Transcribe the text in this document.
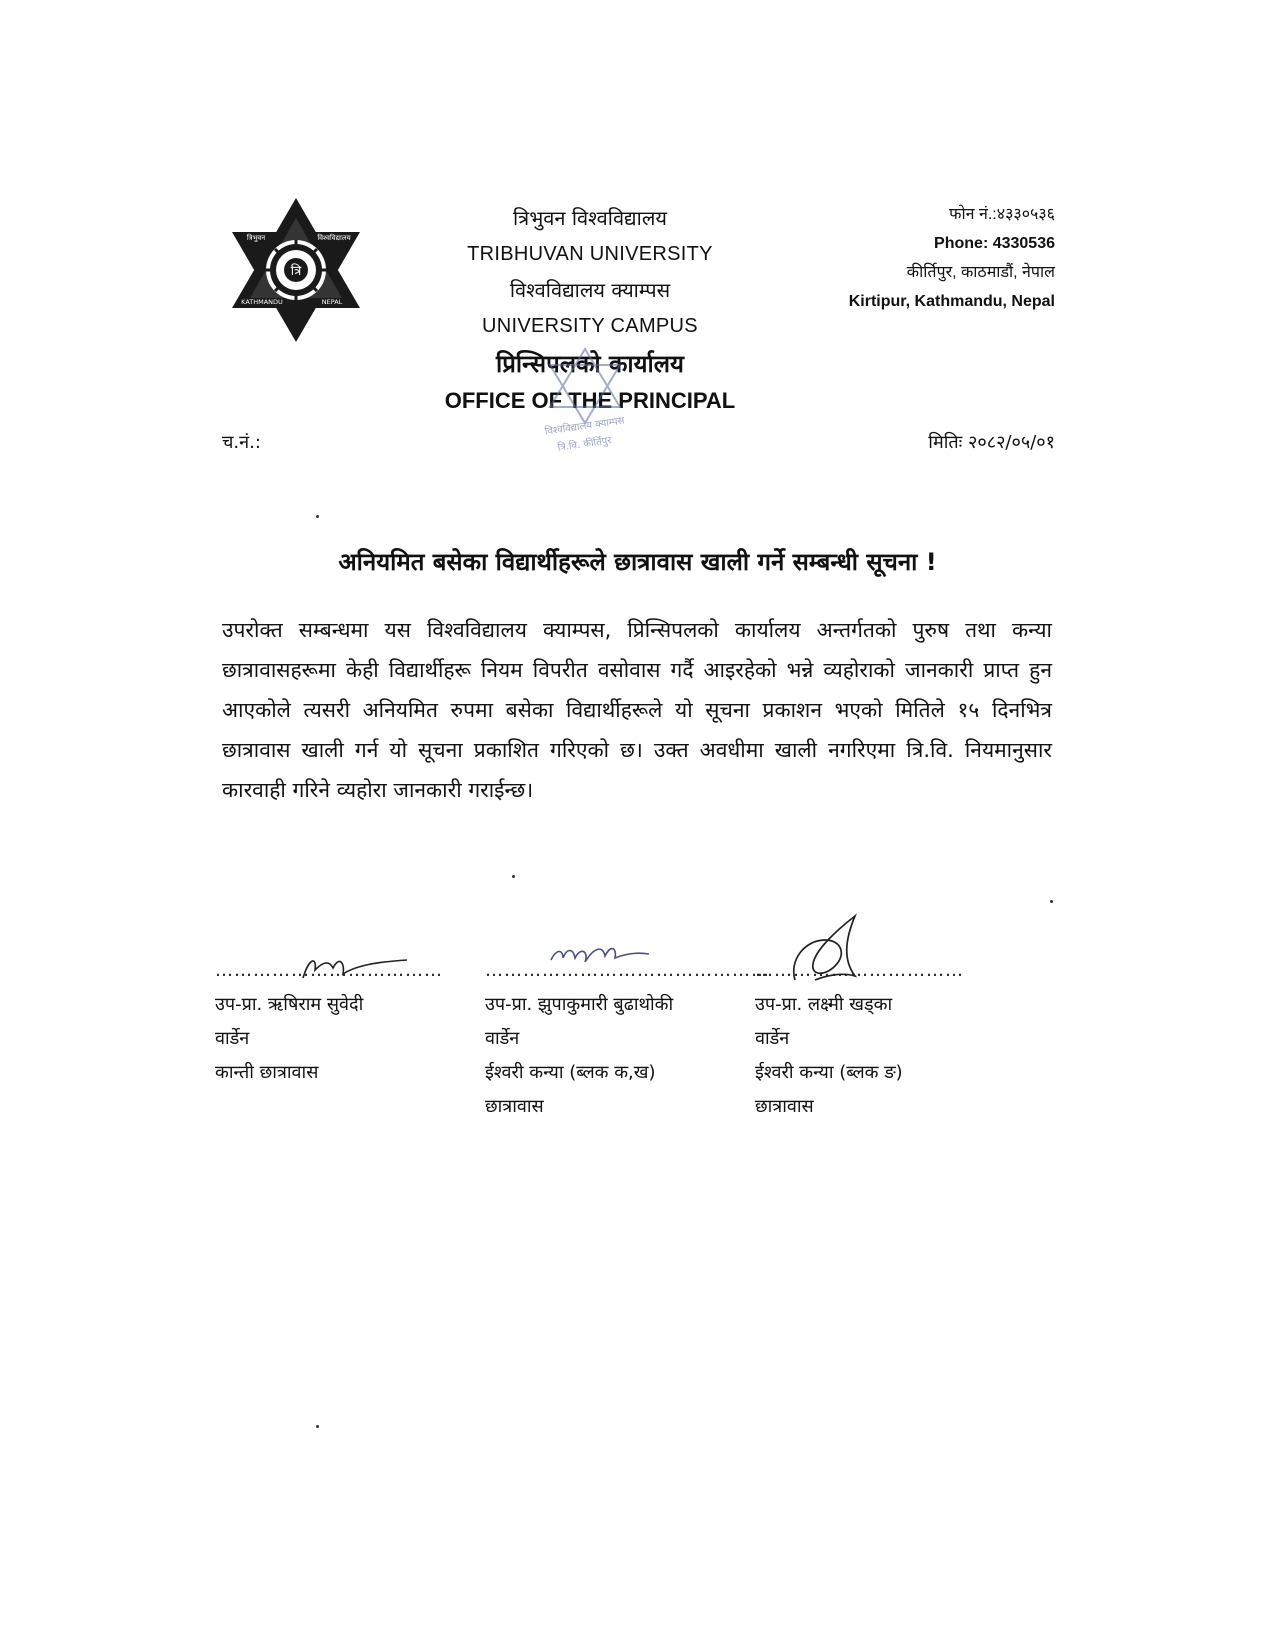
त्रि
त्रिभुवन	विश्वविद्यालय
KATHMANDU	NEPAL
त्रिभुवन विश्वविद्यालय
TRIBHUVAN UNIVERSITY
विश्वविद्यालय क्याम्पस
UNIVERSITY CAMPUS
प्रिन्सिपलको कार्यालय
OFFICE OF THE PRINCIPAL
विश्वविद्यालय क्याम्पस
त्रि.वि. कीर्तिपुर
फोन नं.:४३३०५३६
Phone: 4330536
कीर्तिपुर, काठमाडौं, नेपाल
Kirtipur, Kathmandu, Nepal
च.नं.:	मितिः २०८२/०५/०१
अनियमित बसेका विद्यार्थीहरूले छात्रावास खाली गर्ने सम्बन्धी सूचना !
उपरोक्त सम्बन्धमा यस विश्वविद्यालय क्याम्पस, प्रिन्सिपलको कार्यालय अन्तर्गतको पुरुष तथा कन्या छात्रावासहरूमा केही विद्यार्थीहरू नियम विपरीत वसोवास गर्दै आइरहेको भन्ने व्यहोराको जानकारी प्राप्त हुन आएकोले त्यसरी अनियमित रुपमा बसेका विद्यार्थीहरूले यो सूचना प्रकाशन भएको मितिले १५ दिनभित्र छात्रावास खाली गर्न यो सूचना प्रकाशित गरिएको छ। उक्त अवधीमा खाली नगरिएमा त्रि.वि. नियमानुसार कारवाही गरिने व्यहोरा जानकारी गराईन्छ।
………………………………
उप-प्रा. ऋषिराम सुवेदी
वार्डेन
कान्ती छात्रावास
………………………………………
उप-प्रा. झुपाकुमारी बुढाथोकी
वार्डेन
ईश्वरी कन्या (ब्लक क,ख)
छात्रावास
……………………………
उप-प्रा. लक्ष्मी खड्का
वार्डेन
ईश्वरी कन्या (ब्लक ङ)
छात्रावास
